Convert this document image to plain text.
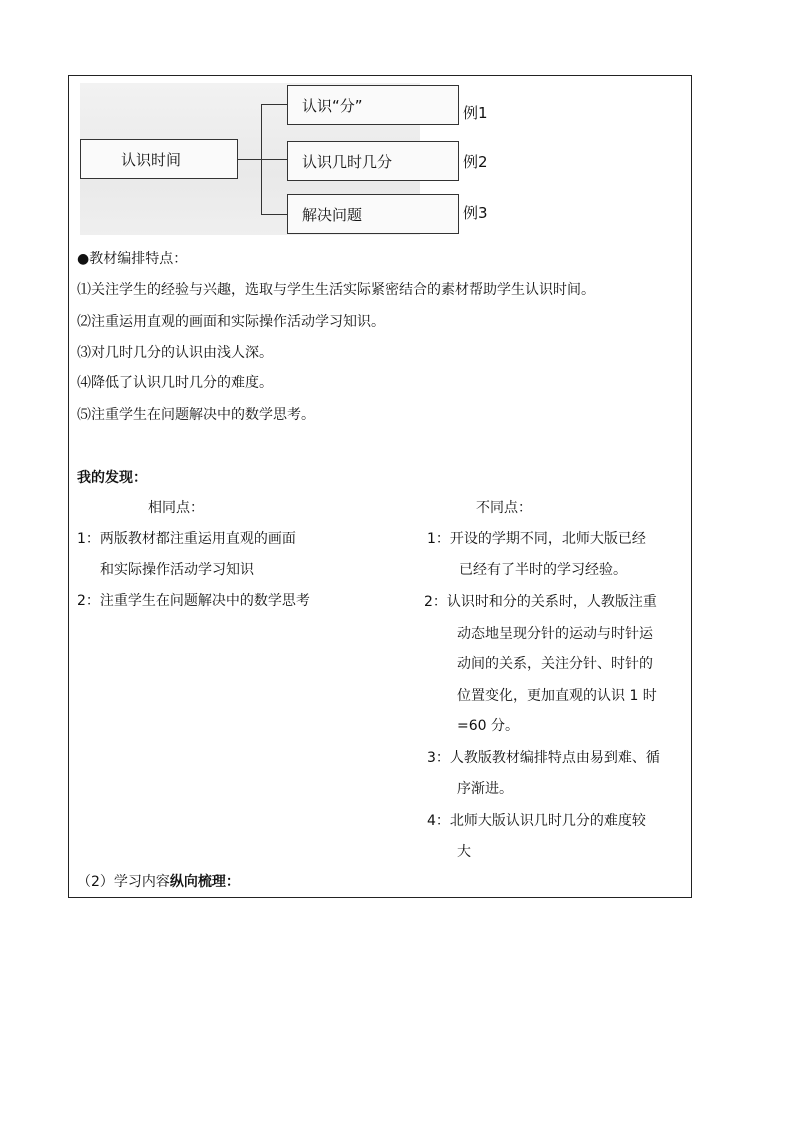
认识时间
认识“分”
认识几时几分
解决问题
例1
例2
例3
●教材编排特点：
⑴关注学生的经验与兴趣，选取与学生生活实际紧密结合的素材帮助学生认识时间。
⑵注重运用直观的画面和实际操作活动学习知识。
⑶对几时几分的认识由浅人深。
⑷降低了认识几时几分的难度。
⑸注重学生在问题解决中的数学思考。
我的发现：
相同点：
1：两版教材都注重运用直观的画面
和实际操作活动学习知识
2：注重学生在问题解决中的数学思考
不同点：
1：开设的学期不同，北师大版已经
已经有了半时的学习经验。
2：认识时和分的关系时，人教版注重
动态地呈现分针的运动与时针运
动间的关系，关注分针、时针的
位置变化，更加直观的认识 1 时
=60 分。
3：人教版教材编排特点由易到难、循
序渐进。
4：北师大版认识几时几分的难度较
大
（2）学习内容纵向梳理：
